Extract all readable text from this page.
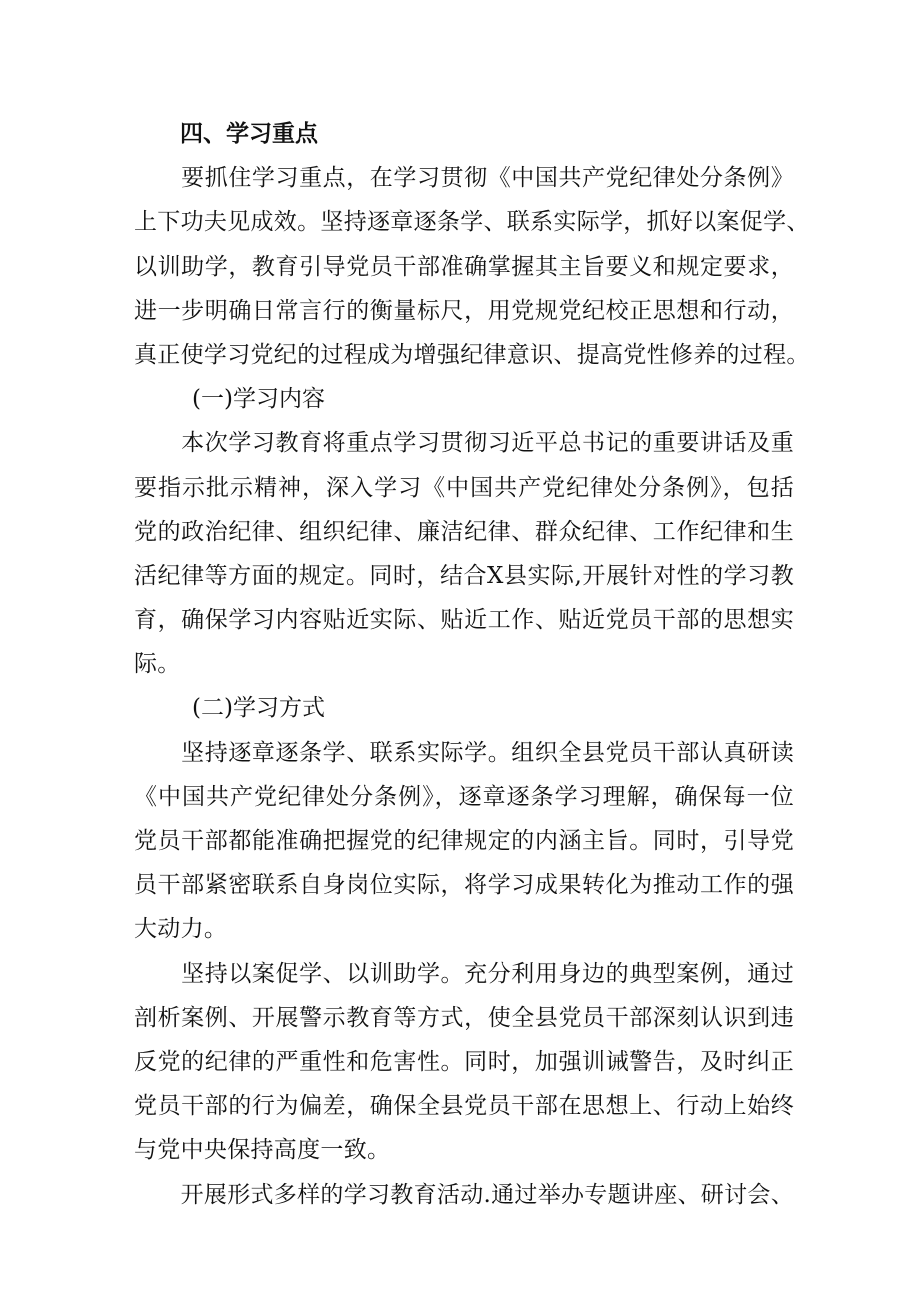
四、学习重点
　　要抓住学习重点，在学习贯彻《中国共产党纪律处分条例》
上下功夫见成效。坚持逐章逐条学、联系实际学，抓好以案促学、
以训助学，教育引导党员干部准确掌握其主旨要义和规定要求，
进一步明确日常言行的衡量标尺，用党规党纪校正思想和行动，
真正使学习党纪的过程成为增强纪律意识、提高党性修养的过程。
(一)学习内容
　　本次学习教育将重点学习贯彻习近平总书记的重要讲话及重
要指示批示精神，深入学习《中国共产党纪律处分条例》，包括
党的政治纪律、组织纪律、廉洁纪律、群众纪律、工作纪律和生
活纪律等方面的规定。同时，结合X县实际,开展针对性的学习教
育，确保学习内容贴近实际、贴近工作、贴近党员干部的思想实
际。
(二)学习方式
　　坚持逐章逐条学、联系实际学。组织全县党员干部认真研读
《中国共产党纪律处分条例》，逐章逐条学习理解，确保每一位
党员干部都能准确把握党的纪律规定的内涵主旨。同时，引导党
员干部紧密联系自身岗位实际，将学习成果转化为推动工作的强
大动力。
　　坚持以案促学、以训助学。充分利用身边的典型案例，通过
剖析案例、开展警示教育等方式，使全县党员干部深刻认识到违
反党的纪律的严重性和危害性。同时，加强训诫警告，及时纠正
党员干部的行为偏差，确保全县党员干部在思想上、行动上始终
与党中央保持高度一致。
　　开展形式多样的学习教育活动.通过举办专题讲座、研讨会、
